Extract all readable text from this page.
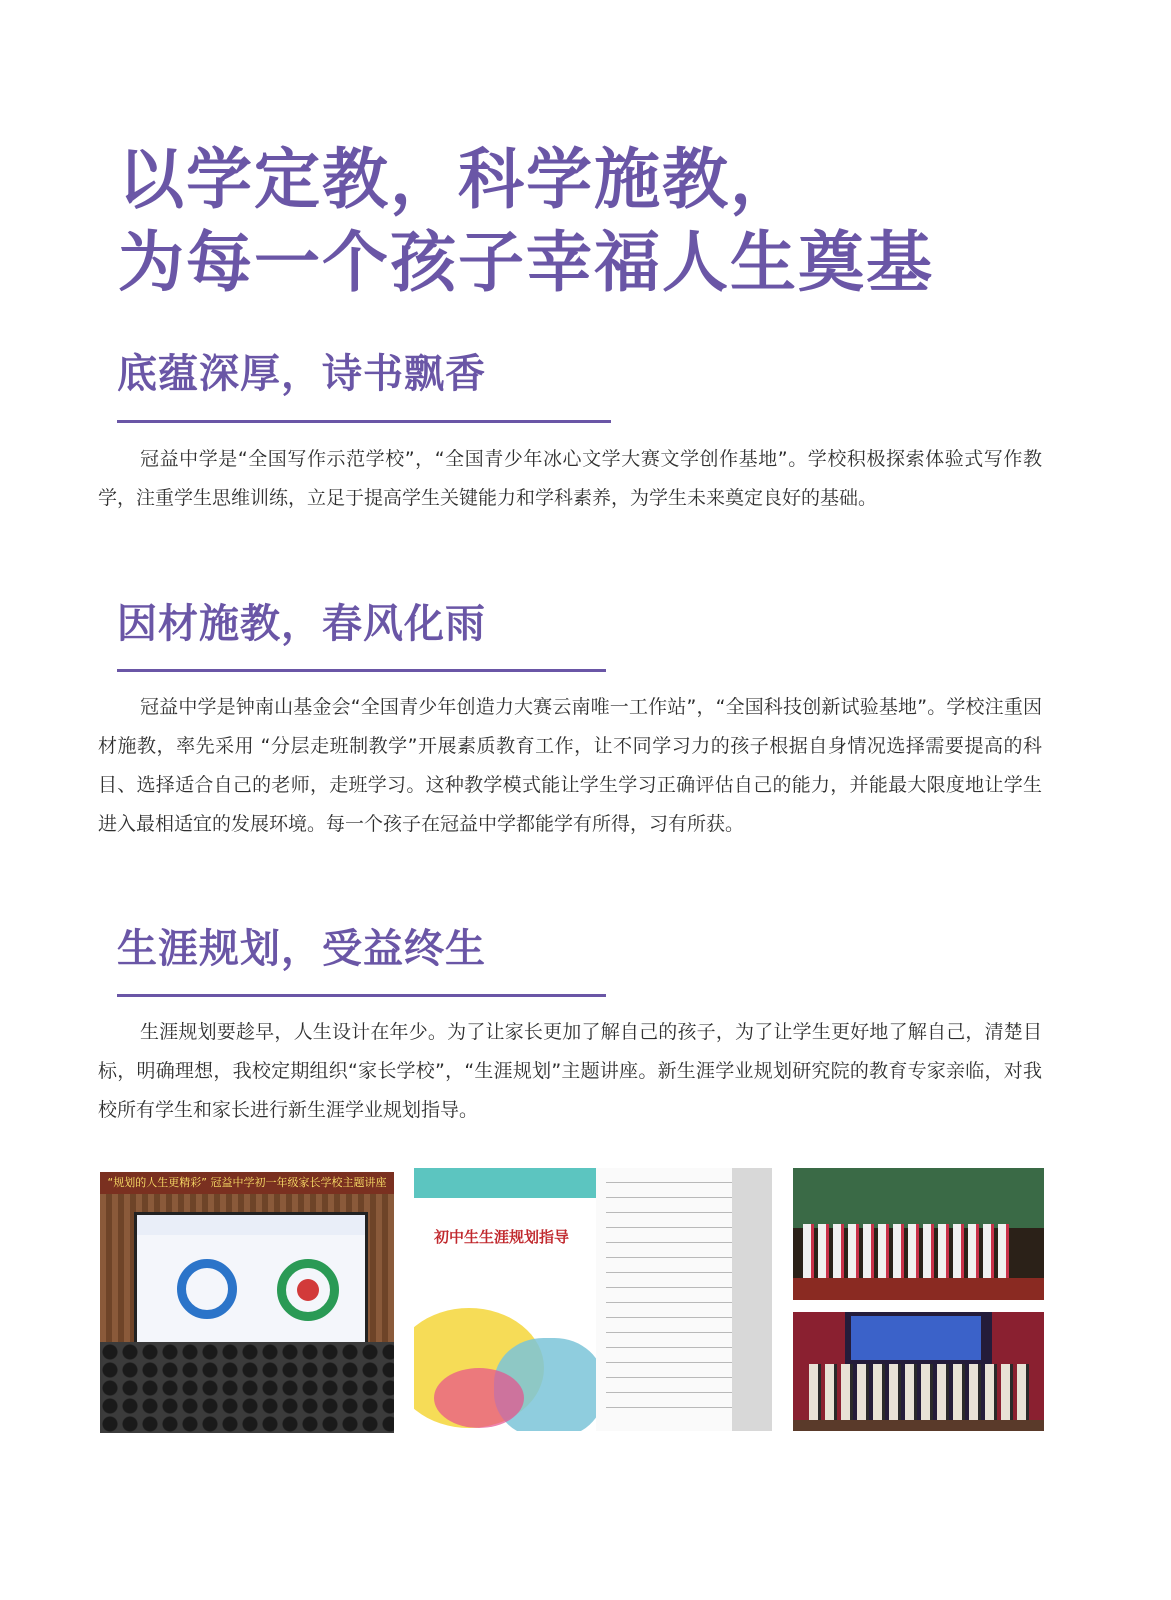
以学定教，科学施教，
为每一个孩子幸福人生奠基
底蕴深厚，诗书飘香

冠益中学是“全国写作示范学校”，“全国青少年冰心文学大赛文学创作基地”。学校积极探索体验式写作教学，注重学生思维训练，立足于提高学生关键能力和学科素养，为学生未来奠定良好的基础。

因材施教，春风化雨

冠益中学是钟南山基金会“全国青少年创造力大赛云南唯一工作站”，“全国科技创新试验基地”。学校注重因材施教，率先采用 “分层走班制教学”开展素质教育工作，让不同学习力的孩子根据自身情况选择需要提高的科目、选择适合自己的老师，走班学习。这种教学模式能让学生学习正确评估自己的能力，并能最大限度地让学生进入最相适宜的发展环境。每一个孩子在冠益中学都能学有所得，习有所获。

生涯规划，受益终生

生涯规划要趁早，人生设计在年少。为了让家长更加了解自己的孩子，为了让学生更好地了解自己，清楚目标，明确理想，我校定期组织“家长学校”，“生涯规划”主题讲座。新生涯学业规划研究院的教育专家亲临，对我校所有学生和家长进行新生涯学业规划指导。

“规划的人生更精彩” 冠益中学初一年级家长学校主题讲座
初中生生涯规划指导
